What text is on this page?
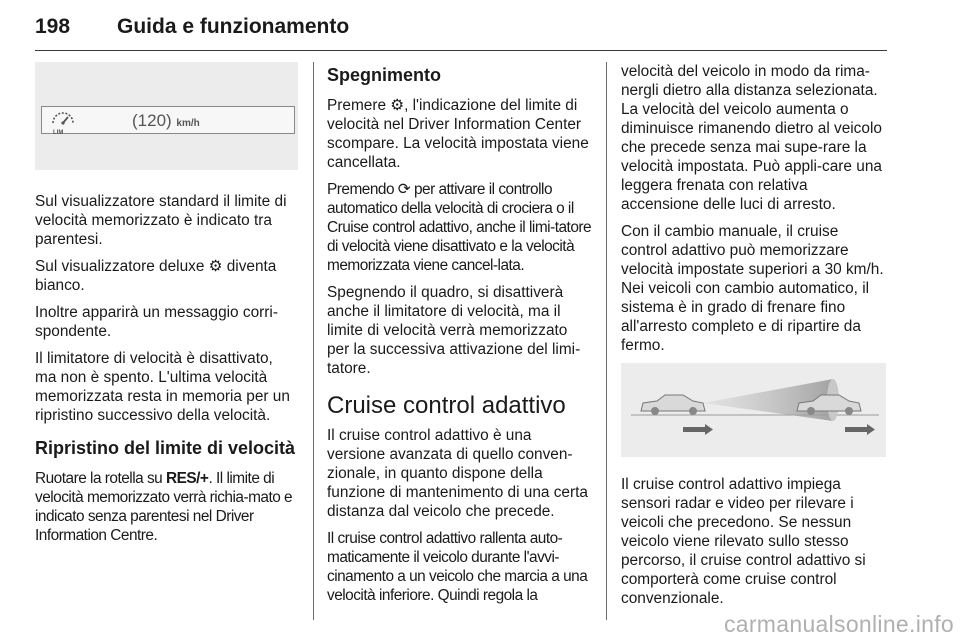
198 Guida e funzionamento
LIM
(120) km/h

Sul visualizzatore standard il limite di velocità memorizzato è indicato tra parentesi.

Sul visualizzatore deluxe ⚙ diventa bianco.

Inoltre apparirà un messaggio corri-spondente.

Il limitatore di velocità è disattivato, ma non è spento. L'ultima velocità memorizzata resta in memoria per un ripristino successivo della velocità.

Ripristino del limite di velocità

Ruotare la rotella su RES/+. Il limite di velocità memorizzato verrà richia-mato e indicato senza parentesi nel Driver Information Centre.

Spegnimento

Premere ⚙, l'indicazione del limite di velocità nel Driver Information Center scompare. La velocità impostata viene cancellata.

Premendo ⟳ per attivare il controllo automatico della velocità di crociera o il Cruise control adattivo, anche il limi-tatore di velocità viene disattivato e la velocità memorizzata viene cancel-lata.

Spegnendo il quadro, si disattiverà anche il limitatore di velocità, ma il limite di velocità verrà memorizzato per la successiva attivazione del limi-tatore.

Cruise control adattivo

Il cruise control adattivo è una versione avanzata di quello conven-zionale, in quanto dispone della funzione di mantenimento di una certa distanza dal veicolo che precede.

Il cruise control adattivo rallenta auto-maticamente il veicolo durante l'avvi-cinamento a un veicolo che marcia a una velocità inferiore. Quindi regola la

velocità del veicolo in modo da rima-nergli dietro alla distanza selezionata. La velocità del veicolo aumenta o diminuisce rimanendo dietro al veicolo che precede senza mai supe-rare la velocità impostata. Può appli-care una leggera frenata con relativa accensione delle luci di arresto.

Con il cambio manuale, il cruise control adattivo può memorizzare velocità impostate superiori a 30 km/h. Nei veicoli con cambio automatico, il sistema è in grado di frenare fino all'arresto completo e di ripartire da fermo.

Il cruise control adattivo impiega sensori radar e video per rilevare i veicoli che precedono. Se nessun veicolo viene rilevato sullo stesso percorso, il cruise control adattivo si comporterà come cruise control convenzionale.

carmanualsonline.info
